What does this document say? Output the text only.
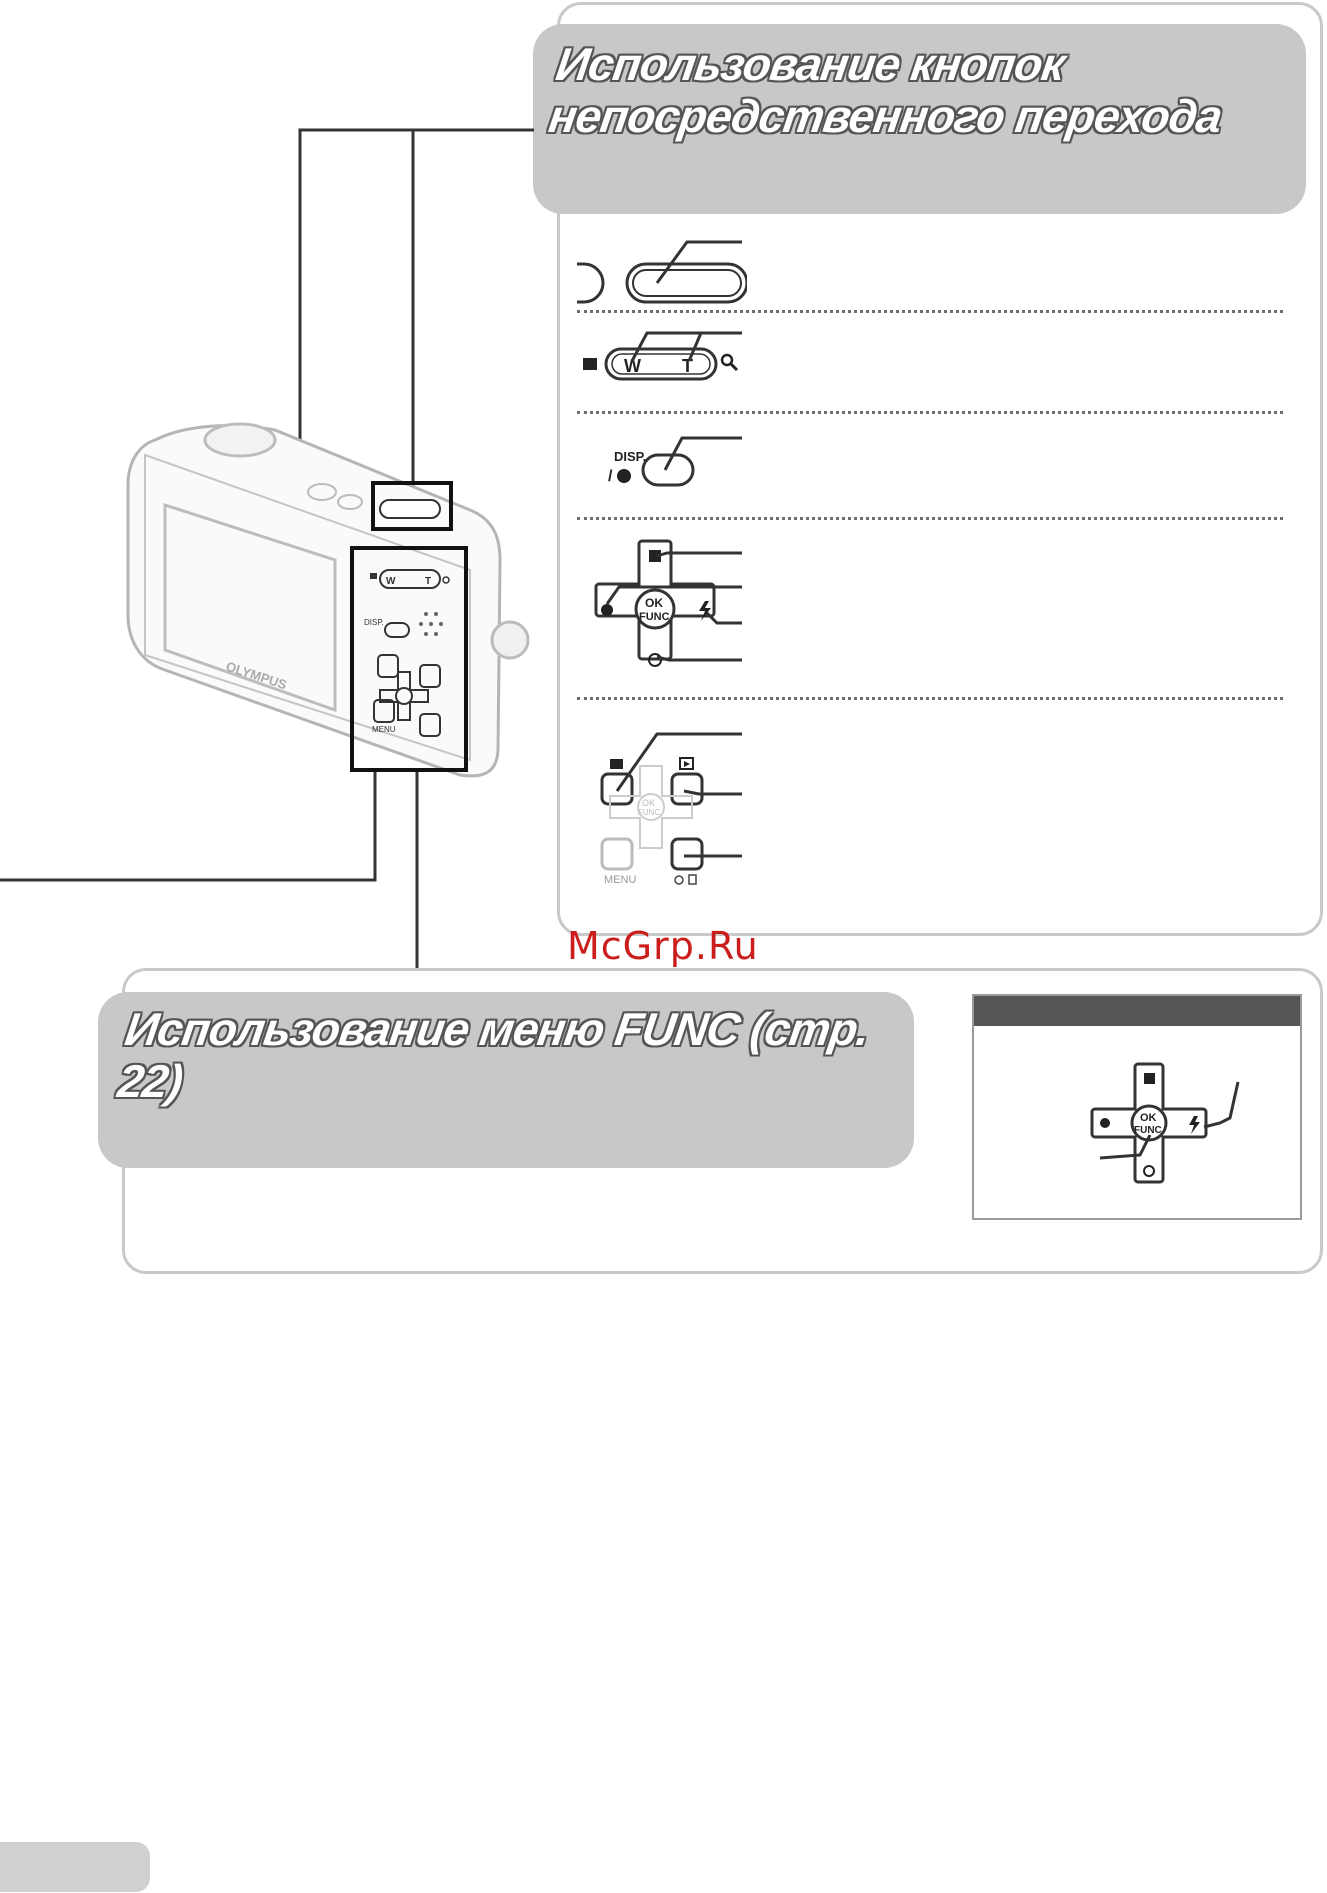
Использование кнопок
непосредственного перехода
W T
DISP.
/
OK
FUNC
OK
FUNC
MENU
OLYMPUS
W	T
DISP.
MENU
Использование меню FUNC (стр. 22)
McGrp.Ru
OK
FUNC
